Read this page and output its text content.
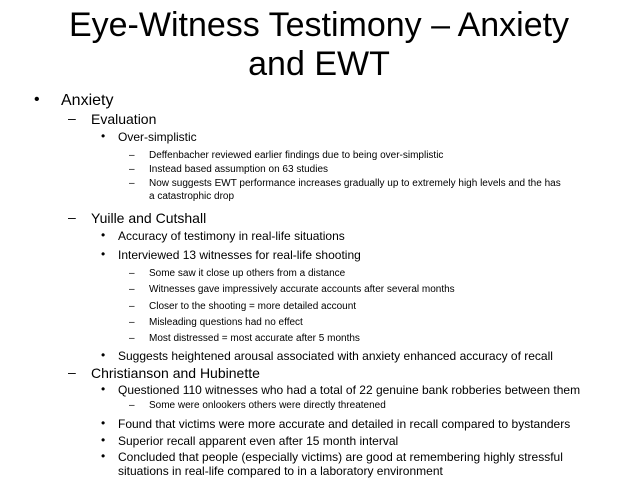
Eye-Witness Testimony – Anxiety
and EWT
• Anxiety
– Evaluation
• Over-simplistic
– Deffenbacher reviewed earlier findings due to being over-simplistic
– Instead based assumption on 63 studies
– Now suggests EWT performance increases gradually up to extremely high levels and the has
a catastrophic drop
– Yuille and Cutshall
• Accuracy of testimony in real-life situations
• Interviewed 13 witnesses for real-life shooting
– Some saw it close up others from a distance
– Witnesses gave impressively accurate accounts after several months
– Closer to the shooting = more detailed account
– Misleading questions had no effect
– Most distressed = most accurate after 5 months
• Suggests heightened arousal associated with anxiety enhanced accuracy of recall
– Christianson and Hubinette
• Questioned 110 witnesses who had a total of 22 genuine bank robberies between them
– Some were onlookers others were directly threatened
• Found that victims were more accurate and detailed in recall compared to bystanders
• Superior recall apparent even after 15 month interval
• Concluded that people (especially victims) are good at remembering highly stressful
situations in real-life compared to in a laboratory environment
